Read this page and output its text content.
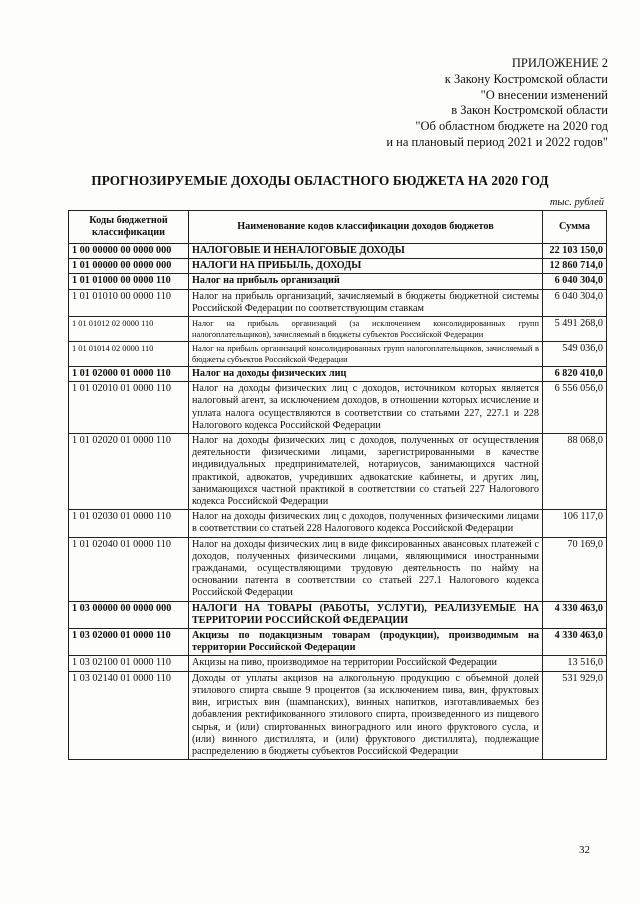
ПРИЛОЖЕНИЕ 2
к Закону Костромской области
"О внесении изменений
в Закон Костромской области
"Об областном бюджете на 2020 год
и на плановый период 2021 и 2022 годов"
ПРОГНОЗИРУЕМЫЕ ДОХОДЫ ОБЛАСТНОГО БЮДЖЕТА НА 2020 ГОД
тыс. рублей
Коды бюджетной классификации	Наименование кодов классификации доходов бюджетов	Сумма
1 00 00000 00 0000 000	НАЛОГОВЫЕ И НЕНАЛОГОВЫЕ ДОХОДЫ	22 103 150,0
1 01 00000 00 0000 000	НАЛОГИ НА ПРИБЫЛЬ, ДОХОДЫ	12 860 714,0
1 01 01000 00 0000 110	Налог на прибыль организаций	6 040 304,0
1 01 01010 00 0000 110	Налог на прибыль организаций, зачисляемый в бюджеты бюджетной системы Российской Федерации по соответствующим ставкам	6 040 304,0
1 01 01012 02 0000 110	Налог на прибыль организаций (за исключением консолидированных групп налогоплательщиков), зачисляемый в бюджеты субъектов Российской Федерации	5 491 268,0
1 01 01014 02 0000 110	Налог на прибыль организаций консолидированных групп налогоплательщиков, зачисляемый в бюджеты субъектов Российской Федерации	549 036,0
1 01 02000 01 0000 110	Налог на доходы физических лиц	6 820 410,0
1 01 02010 01 0000 110	Налог на доходы физических лиц с доходов, источником которых является налоговый агент, за исключением доходов, в отношении которых исчисление и уплата налога осуществляются в соответствии со статьями 227, 227.1 и 228 Налогового кодекса Российской Федерации	6 556 056,0
1 01 02020 01 0000 110	Налог на доходы физических лиц с доходов, полученных от осуществления деятельности физическими лицами, зарегистрированными в качестве индивидуальных предпринимателей, нотариусов, занимающихся частной практикой, адвокатов, учредивших адвокатские кабинеты, и других лиц, занимающихся частной практикой в соответствии со статьей 227 Налогового кодекса Российской Федерации	88 068,0
1 01 02030 01 0000 110	Налог на доходы физических лиц с доходов, полученных физическими лицами в соответствии со статьей 228 Налогового кодекса Российской Федерации	106 117,0
1 01 02040 01 0000 110	Налог на доходы физических лиц в виде фиксированных авансовых платежей с доходов, полученных физическими лицами, являющимися иностранными гражданами, осуществляющими трудовую деятельность по найму на основании патента в соответствии со статьей 227.1 Налогового кодекса Российской Федерации	70 169,0
1 03 00000 00 0000 000	НАЛОГИ НА ТОВАРЫ (РАБОТЫ, УСЛУГИ), РЕАЛИЗУЕМЫЕ НА ТЕРРИТОРИИ РОССИЙСКОЙ ФЕДЕРАЦИИ	4 330 463,0
1 03 02000 01 0000 110	Акцизы по подакцизным товарам (продукции), производимым на территории Российской Федерации	4 330 463,0
1 03 02100 01 0000 110	Акцизы на пиво, производимое на территории Российской Федерации	13 516,0
1 03 02140 01 0000 110	Доходы от уплаты акцизов на алкогольную продукцию с объемной долей этилового спирта свыше 9 процентов (за исключением пива, вин, фруктовых вин, игристых вин (шампанских), винных напитков, изготавливаемых без добавления ректификованного этилового спирта, произведенного из пищевого сырья, и (или) спиртованных виноградного или иного фруктового сусла, и (или) винного дистиллята, и (или) фруктового дистиллята), подлежащие распределению в бюджеты субъектов Российской Федерации	531 929,0
32
